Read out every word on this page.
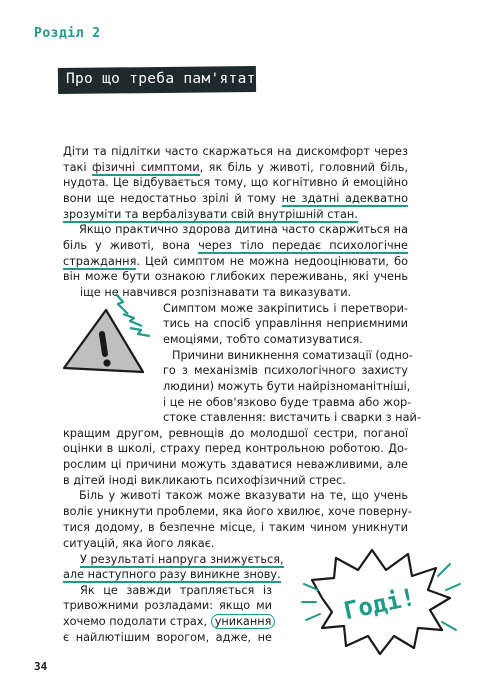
Розділ 2
Про що треба пам'ятати
Діти та підлітки часто скаржаться на дискомфорт через
такі фізичні симптоми, як біль у животі, головний біль,
нудота. Це відбувається тому, що когнітивно й емоційно
вони ще недостатньо зрілі й тому не здатні адекватно
зрозуміти та вербалізувати свій внутрішній стан.
Якщо практично здорова дитина часто скаржиться на
біль у животі, вона через тіло передає психологічне
страждання. Цей симптом не можна недооцінювати, бо
він може бути ознакою глибоких переживань, які учень
іще не навчився розпізнавати та виказувати.
Симптом може закріпитись і перетвори-
тись на спосіб управління неприємними
емоціями, тобто соматизуватися.
Причини виникнення соматизації (одно-
го з механізмів психологічного захисту
людини) можуть бути найрізноманітніші,
і це не обов'язково буде травма або жор-
стоке ставлення: вистачить і сварки з най-
кращим другом, ревнощів до молодшої сестри, поганої
оцінки в школі, страху перед контрольною роботою. До-
рослим ці причини можуть здаватися неважливими, але
в дітей іноді викликають психофізичний стрес.
Біль у животі також може вказувати на те, що учень
воліє уникнути проблеми, яка його хвилює, хоче поверну-
тися додому, в безпечне місце, і таким чином уникнути
ситуацій, яка його лякає.
У результаті напруга знижується,
але наступного разу виникне знову.
Як це завжди трапляється із
тривожними розладами: якщо ми
хочемо подолати страх, уникання
є найлютішим ворогом, адже, не
Годі!
34
